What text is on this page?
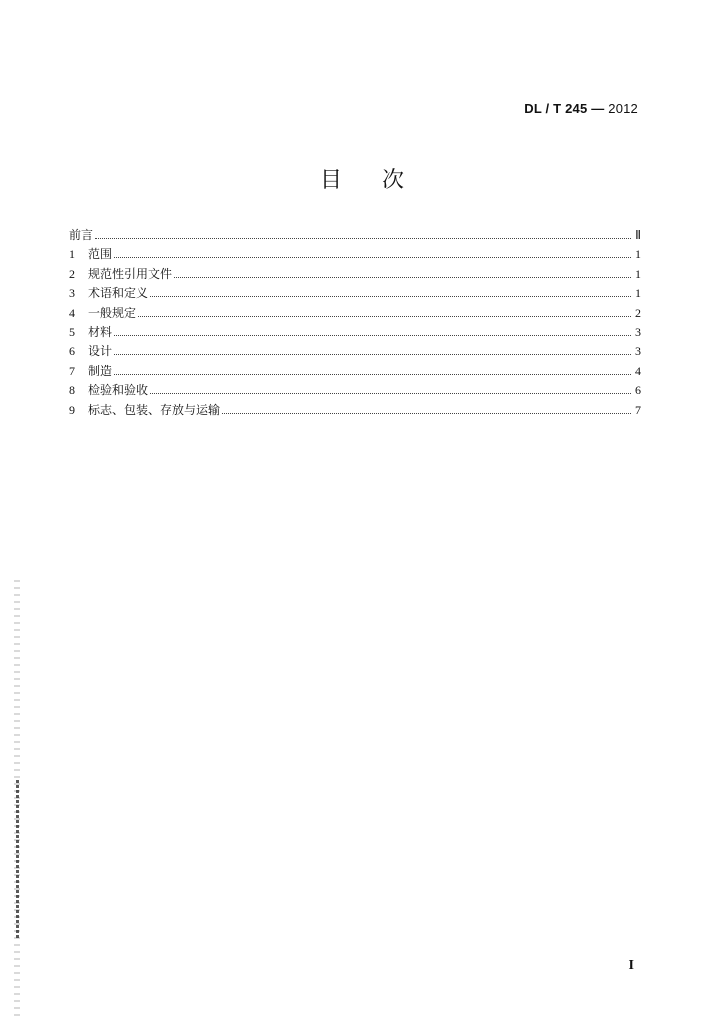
DL / T 245 — 2012
目 次
前言	Ⅱ
1	范围	1
2	规范性引用文件	1
3	术语和定义	1
4	一般规定	2
5	材料	3
6	设计	3
7	制造	4
8	检验和验收	6
9	标志、包装、存放与运输	7
I
